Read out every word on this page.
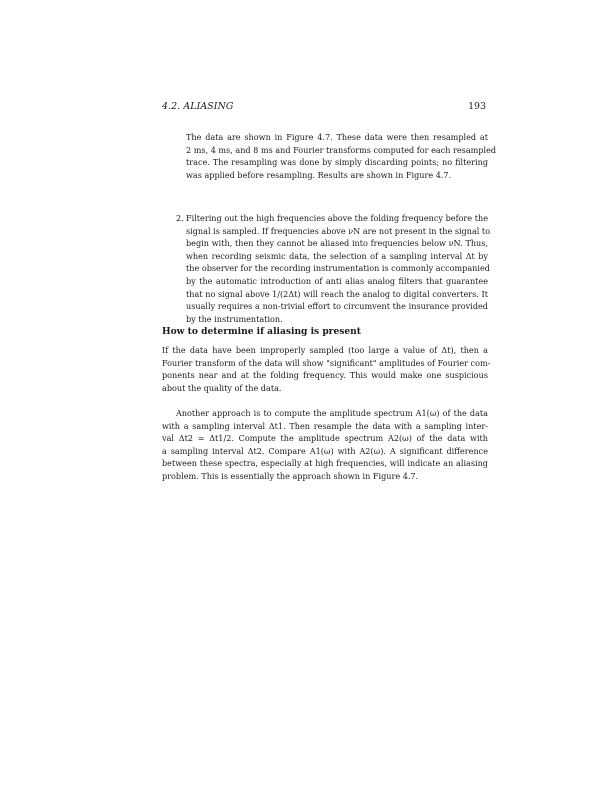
4.2. ALIASING	193
The data are shown in Figure 4.7. These data were then resampled at
2 ms, 4 ms, and 8 ms and Fourier transforms computed for each resampled
trace. The resampling was done by simply discarding points; no filtering
was applied before resampling. Results are shown in Figure 4.7.
2. Filtering out the high frequencies above the folding frequency before the
signal is sampled. If frequencies above νN are not present in the signal to
begin with, then they cannot be aliased into frequencies below νN. Thus,
when recording seismic data, the selection of a sampling interval Δt by
the observer for the recording instrumentation is commonly accompanied
by the automatic introduction of anti alias analog filters that guarantee
that no signal above 1/(2Δt) will reach the analog to digital converters. It
usually requires a non-trivial effort to circumvent the insurance provided
by the instrumentation.
How to determine if aliasing is present
If the data have been improperly sampled (too large a value of Δt), then a
Fourier transform of the data will show "significant" amplitudes of Fourier com-
ponents near and at the folding frequency. This would make one suspicious
about the quality of the data.
Another approach is to compute the amplitude spectrum A1(ω) of the data
with a sampling interval Δt1. Then resample the data with a sampling inter-
val Δt2 = Δt1/2. Compute the amplitude spectrum A2(ω) of the data with
a sampling interval Δt2. Compare A1(ω) with A2(ω). A significant difference
between these spectra, especially at high frequencies, will indicate an aliasing
problem. This is essentially the approach shown in Figure 4.7.
